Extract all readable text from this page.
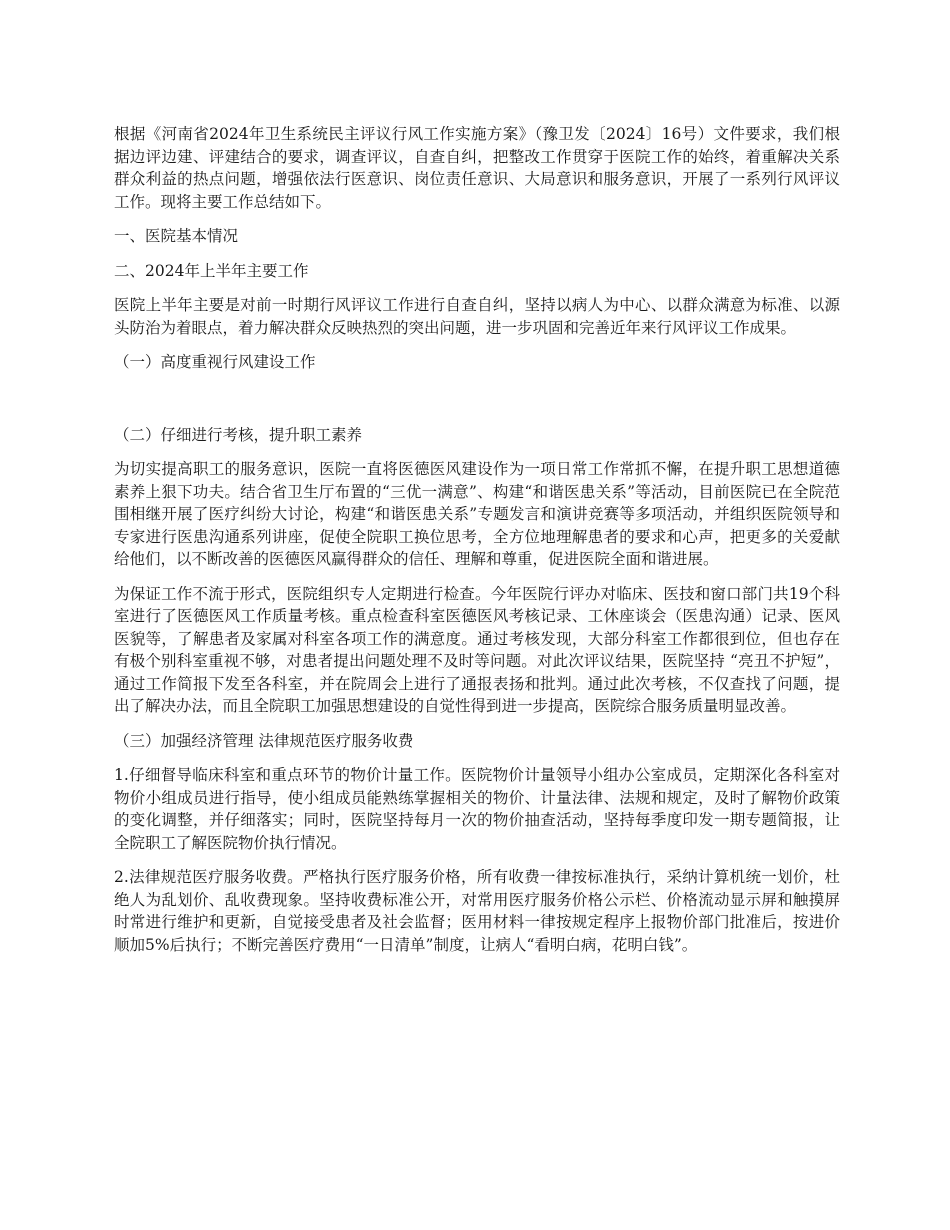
根据《河南省2024年卫生系统民主评议行风工作实施方案》（豫卫发〔2024〕16号）文件要求，我们根据边评边建、评建结合的要求，调查评议，自查自纠，把整改工作贯穿于医院工作的始终，着重解决关系群众利益的热点问题，增强依法行医意识、岗位责任意识、大局意识和服务意识，开展了一系列行风评议工作。现将主要工作总结如下。

一、医院基本情况

二、2024年上半年主要工作

医院上半年主要是对前一时期行风评议工作进行自查自纠，坚持以病人为中心、以群众满意为标准、以源头防治为着眼点，着力解决群众反映热烈的突出问题，进一步巩固和完善近年来行风评议工作成果。

（一）高度重视行风建设工作

（二）仔细进行考核，提升职工素养

为切实提高职工的服务意识，医院一直将医德医风建设作为一项日常工作常抓不懈，在提升职工思想道德素养上狠下功夫。结合省卫生厅布置的“三优一满意”、构建“和谐医患关系”等活动，目前医院已在全院范围相继开展了医疗纠纷大讨论，构建“和谐医患关系”专题发言和演讲竞赛等多项活动，并组织医院领导和专家进行医患沟通系列讲座，促使全院职工换位思考，全方位地理解患者的要求和心声，把更多的关爱献给他们，以不断改善的医德医风赢得群众的信任、理解和尊重，促进医院全面和谐进展。

为保证工作不流于形式，医院组织专人定期进行检查。今年医院行评办对临床、医技和窗口部门共19个科室进行了医德医风工作质量考核。重点检查科室医德医风考核记录、工休座谈会（医患沟通）记录、医风医貌等，了解患者及家属对科室各项工作的满意度。通过考核发现，大部分科室工作都很到位，但也存在有极个别科室重视不够，对患者提出问题处理不及时等问题。对此次评议结果，医院坚持 “亮丑不护短”，通过工作简报下发至各科室，并在院周会上进行了通报表扬和批判。通过此次考核，不仅查找了问题，提出了解决办法，而且全院职工加强思想建设的自觉性得到进一步提高，医院综合服务质量明显改善。

（三）加强经济管理 法律规范医疗服务收费

1.仔细督导临床科室和重点环节的物价计量工作。医院物价计量领导小组办公室成员，定期深化各科室对物价小组成员进行指导，使小组成员能熟练掌握相关的物价、计量法律、法规和规定，及时了解物价政策的变化调整，并仔细落实；同时，医院坚持每月一次的物价抽查活动，坚持每季度印发一期专题简报，让全院职工了解医院物价执行情况。

2.法律规范医疗服务收费。严格执行医疗服务价格，所有收费一律按标准执行，采纳计算机统一划价，杜绝人为乱划价、乱收费现象。坚持收费标准公开，对常用医疗服务价格公示栏、价格流动显示屏和触摸屏时常进行维护和更新，自觉接受患者及社会监督；医用材料一律按规定程序上报物价部门批准后，按进价顺加5%后执行；不断完善医疗费用“一日清单”制度，让病人“看明白病，花明白钱”。
